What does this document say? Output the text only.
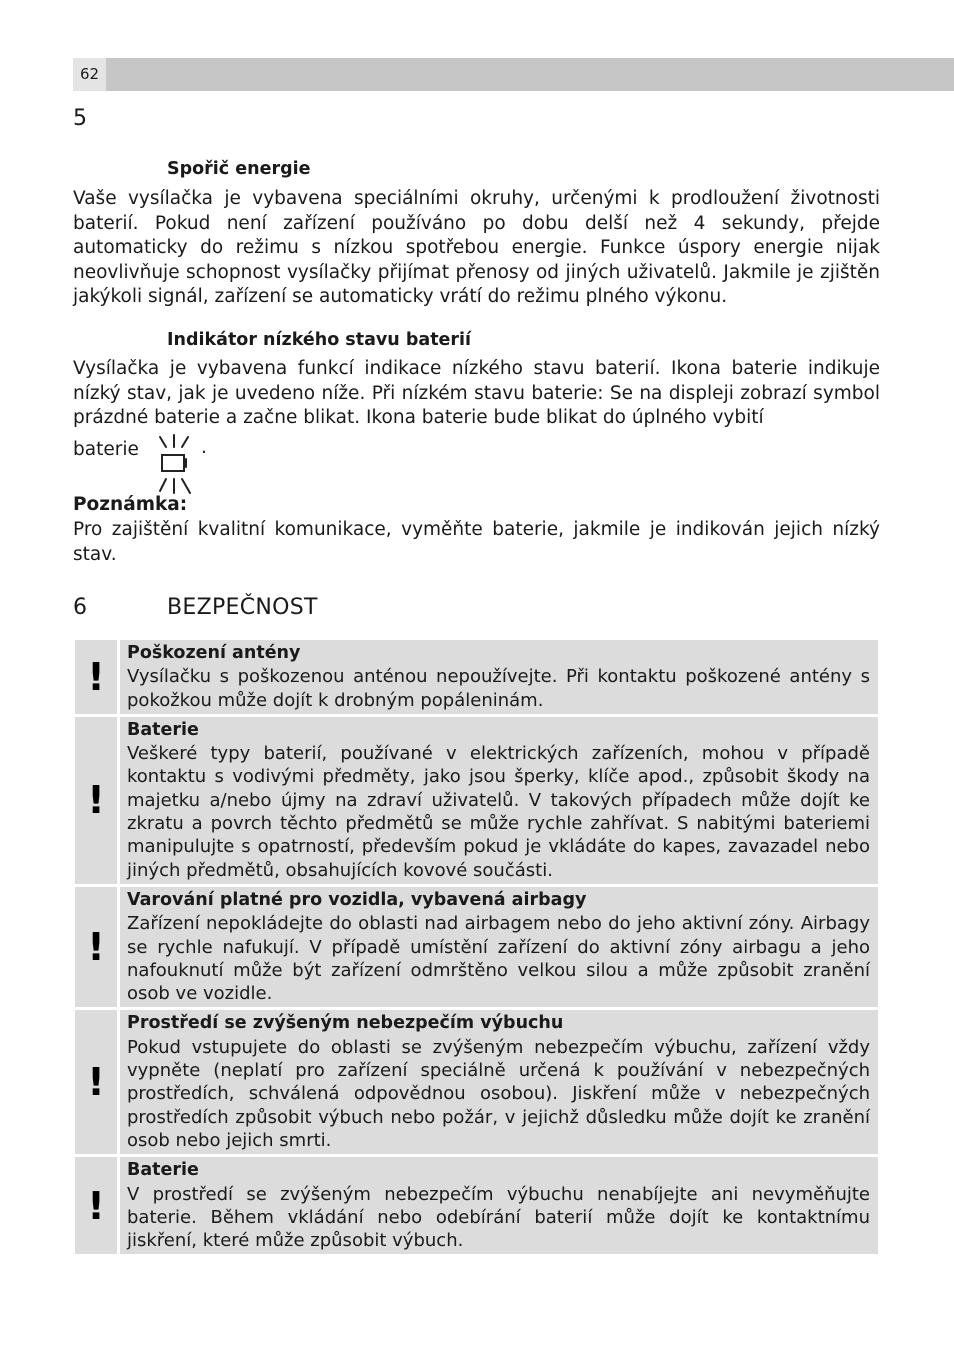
62
5
Spořič energie

Vaše vysílačka je vybavena speciálními okruhy, určenými k prodloužení životnosti baterií. Pokud není zařízení používáno po dobu delší než 4 sekundy, přejde automaticky do režimu s nízkou spotřebou energie. Funkce úspory energie nijak neovlivňuje schopnost vysílačky přijímat přenosy od jiných uživatelů. Jakmile je zjištěn jakýkoli signál, zařízení se automaticky vrátí do režimu plného výkonu.

Indikátor nízkého stavu baterií

Vysílačka je vybavena funkcí indikace nízkého stavu baterií. Ikona baterie indikuje nízký stav, jak je uvedeno níže. Při nízkém stavu baterie: Se na displeji zobrazí symbol prázdné baterie a začne blikat. Ikona baterie bude blikat do úplného vybití

baterie	.
Poznámka:

Pro zajištění kvalitní komunikace, vyměňte baterie, jakmile je indikován jejich nízký stav.

6	BEZPEČNOST
!
Poškození antény
Vysílačku s poškozenou anténou nepoužívejte. Při kontaktu poškozené antény s pokožkou může dojít k drobným popáleninám.
!
Baterie
Veškeré typy baterií, používané v elektrických zařízeních, mohou v případě kontaktu s vodivými předměty, jako jsou šperky, klíče apod., způsobit škody na majetku a/nebo újmy na zdraví uživatelů. V takových případech může dojít ke zkratu a povrch těchto předmětů se může rychle zahřívat. S nabitými bateriemi manipulujte s opatrností, především pokud je vkládáte do kapes, zavazadel nebo jiných předmětů, obsahujících kovové součásti.
!
Varování platné pro vozidla, vybavená airbagy
Zařízení nepokládejte do oblasti nad airbagem nebo do jeho aktivní zóny. Airbagy se rychle nafukují. V případě umístění zařízení do aktivní zóny airbagu a jeho nafouknutí může být zařízení odmrštěno velkou silou a může způsobit zranění osob ve vozidle.
!
Prostředí se zvýšeným nebezpečím výbuchu
Pokud vstupujete do oblasti se zvýšeným nebezpečím výbuchu, zařízení vždy vypněte (neplatí pro zařízení speciálně určená k používání v nebezpečných prostředích, schválená odpovědnou osobou). Jiskření může v nebezpečných prostředích způsobit výbuch nebo požár, v jejichž důsledku může dojít ke zranění osob nebo jejich smrti.
!
Baterie
V prostředí se zvýšeným nebezpečím výbuchu nenabíjejte ani nevyměňujte baterie. Během vkládání nebo odebírání baterií může dojít ke kontaktnímu jiskření, které může způsobit výbuch.
